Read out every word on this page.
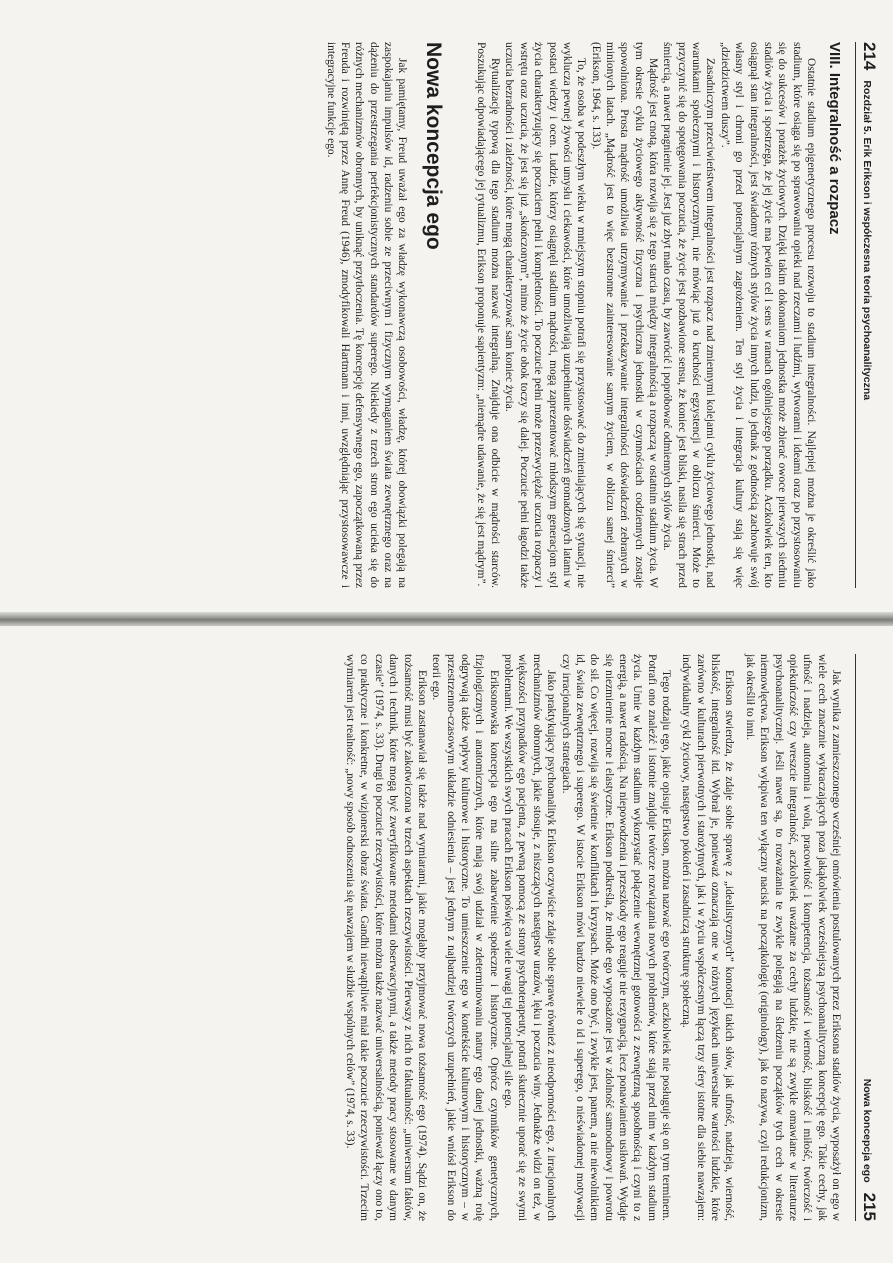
214
Rozdział 5. Erik Erikson i współczesna teoria psychoanalityczna
VIII. Integralność a rozpacz

Ostatnie stadium epigenetycznego procesu rozwoju to stadium integralności. Najlepiej można je określić jako stadium, które osiąga się po sprawowaniu opieki nad rzeczami i ludźmi, wytworami i ideami oraz po przystosowaniu się do sukcesów i porażek życiowych. Dzięki takim dokonaniom jednostka może zbierać owoce pierwszych siedmiu stadiów życia i spostrzega, że jej życie ma pewien cel i sens w ramach ogólniejszego porządku. Aczkolwiek ten, kto osiągnął stan integralności, jest świadomy różnych stylów życia innych ludzi, to jednak z godnością zachowuje swój własny styl i chroni go przed potencjalnym zagrożeniem. Ten styl życia i integracja kultury stają się więc „dziedzictwem duszy”.

Zasadniczym przeciwieństwem integralności jest rozpacz nad zmiennymi kolejami cyklu życiowego jednostki, nad warunkami społecznymi i historycznymi, nie mówiąc już o kruchości egzystencji w obliczu śmierci. Może to przyczynić się do spotęgowania poczucia, że życie jest pozbawione sensu, że koniec jest bliski, nasila się strach przed śmiercią, a nawet pragnienie jej. Jest już zbyt mało czasu, by zawrócić i popróbować odmiennych stylów życia.

Mądrość jest cnotą, która rozwija się z tego starcia między integralnością a rozpaczą w ostatnim stadium życia. W tym okresie cyklu życiowego aktywność fizyczna i psychiczna jednostki w czynnościach codziennych zostaje spowolniona. Prosta mądrość umożliwia utrzymywanie i przekazywanie integralności doświadczeń zebranych w minionych latach. „Mądrość jest to więc bezstronne zainteresowanie samym życiem, w obliczu samej śmierci” (Erikson, 1964, s. 133).

To, że osoba w podeszłym wieku w mniejszym stopniu potrafi się przystosować do zmieniających się sytuacji, nie wyklucza pewnej żywości umysłu i ciekawości, które umożliwiają uzupełnianie doświadczeń gromadzonych latami w postaci wiedzy i ocen. Ludzie, którzy osiągnęli stadium mądrości, mogą zaprezentować młodszym generacjom styl życia charakteryzujący się poczuciem pełni i kompletności. To poczucie pełni może przezwyciężać uczucia rozpaczy i wstrętu oraz uczucia, że jest się już „skończonym”, mimo że życie obok toczy się dalej. Poczucie pełni łagodzi także uczucia bezradności i zależności, które mogą charakteryzować sam koniec życia.

Rytualizację typową dla tego stadium można nazwać integralną. Znajduje ona odbicie w mądrości starców. Poszukując odpowiadającego jej rytualizmu, Erikson proponuje sapientyzm: „niemądre udawanie, że się jest mądrym”.

Nowa koncepcja ego

Jak pamiętamy, Freud uważał ego za władzę wykonawczą osobowości, władzę, której obowiązki polegają na zaspokajaniu impulsów id, radzeniu sobie ze przeciwnym i fizycznym wymaganiem świata zewnętrznego oraz na dążeniu do przestrzegania perfekcjonistycznych standardów superego. Niekiedy z trzech stron ego ucieka się do różnych mechanizmów obronnych, by uniknąć przytłoczenia. Tę koncepcję defensywnego ego, zapoczątkowaną przez Freuda i rozwiniętą przez Annę Freud (1946), zmodyfikowali Hartmann i inni, uwzględniając przystosowawcze i integracyjne funkcje ego.

Nowa koncepcja ego
215

Jak wynika z zamieszczonego wcześniej omówienia postulowanych przez Eriksona stadiów życia, wyposażył on ego w wiele cech znacznie wykraczających poza jakąkolwiek wcześniejszą psychoanalityczną koncepcję ego. Takie cechy, jak ufność i nadzieja, autonomia i wola, pracowitość i kompetencja, tożsamość i wierność, bliskość i miłość, twórczość i opiekuńczość czy wreszcie integralność, aczkolwiek uważane za cechy ludzkie, nie są zwykle omawiane w literaturze psychoanalitycznej. Jeśli nawet są, to rozważania te zwykle polegają na śledzeniu początków tych cech w okresie niemowlęctwa. Erikson wykpiwa ten wyłączny nacisk na początkologię (originology), jak to nazywa, czyli redukcjonizm, jak określił to inni.

Erikson stwierdza, że zdaje sobie sprawę z „idealistycznych” konotacji takich słów, jak ufność, nadzieja, wierność, bliskość, integralność itd. Wybrał je, ponieważ oznaczają one w różnych językach uniwersalne wartości ludzkie, które zarówno w kulturach pierwotnych i starożytnych, jak i w życiu współczesnym łączą trzy sfery istotne dla siebie nawzajem: indywidualny cykl życiowy, następstwo pokoleń i zasadniczą strukturę społeczną.

Tego rodzaju ego, jakie opisuje Erikson, można nazwać ego twórczym, aczkolwiek nie posługuje się on tym terminem. Potrafi ono znaleźć i istotnie znajduje twórcze rozwiązania nowych problemów, które stają przed nim w każdym stadium życia. Umie w każdym stadium wykorzystać połączenie wewnętrznej gotowości z zewnętrzną sposobnością i czyni to z energią, a nawet radością. Na niepowodzenia i przeszkody ego reaguje nie rezygnacją, lecz ponawianiem usiłowań. Wydaje się niezmiernie mocne i elastyczne. Erikson podkreśla, że młode ego wyposażone jest w zdolność samoodnowy i powrotu do sił. Co więcej, rozwija się świetnie w konfliktach i kryzysach. Może ono być, i zwykle jest, panem, a nie niewolnikiem id, świata zewnętrznego i superego. W istocie Erikson mówi bardzo niewiele o id i superego, o nieświadomej motywacji czy irracjonalnych strategiach.

Jako praktykujący psychoanalityk Erikson oczywiście zdaje sobie sprawę również z nieodporności ego, z irracjonalnych mechanizmów obronnych, jakie stosuje, z niszczących następstw urazów, lęku i poczucia winy. Jednakże widzi on też, w większości przypadków ego pacjenta, z pewną pomocą ze strony psychoterapeuty, potrafi skutecznie uporać się ze swymi problemami. We wszystkich swych pracach Erikson poświęca wiele uwagi tej potencjalnej sile ego.

Eriksonowska koncepcja ego ma silne zabarwienie społeczne i historyczne. Oprócz czynników genetycznych, fizjologicznych i anatomicznych, które mają swój udział w zdeterminowaniu natury ego danej jednostki, ważną rolę odgrywają także wpływy kulturowe i historyczne. To umieszczenie ego w kontekście kulturowym i historycznym – w przestrzenno-czasowym układzie odniesienia – jest jednym z najbardziej twórczych uzupełnień, jakie wniósł Erikson do teorii ego.

Erikson zastanawiał się także nad wymiarami, jakie mogłaby przyjmować nowa tożsamość ego (1974). Sądzi on, że tożsamość musi być zakotwiczona w trzech aspektach rzeczywistości. Pierwszy z nich to faktualność: „uniwersum faktów, danych i technik, które mogą być zweryfikowane metodami obserwacyjnymi, a także metody pracy stosowane w danym czasie” (1974, s. 33). Drugi to poczucie rzeczywistości, które można także nazwać uniwersalnością, ponieważ łączy ono to, co praktyczne i konkretne, w wizjonerski obraz świata. Gandhi niewątpliwie miał takie poczucie rzeczywistości. Trzecim wymiarem jest realność: „nowy sposób odnoszenia się nawzajem w służbie wspólnych celów” (1974, s. 33).
